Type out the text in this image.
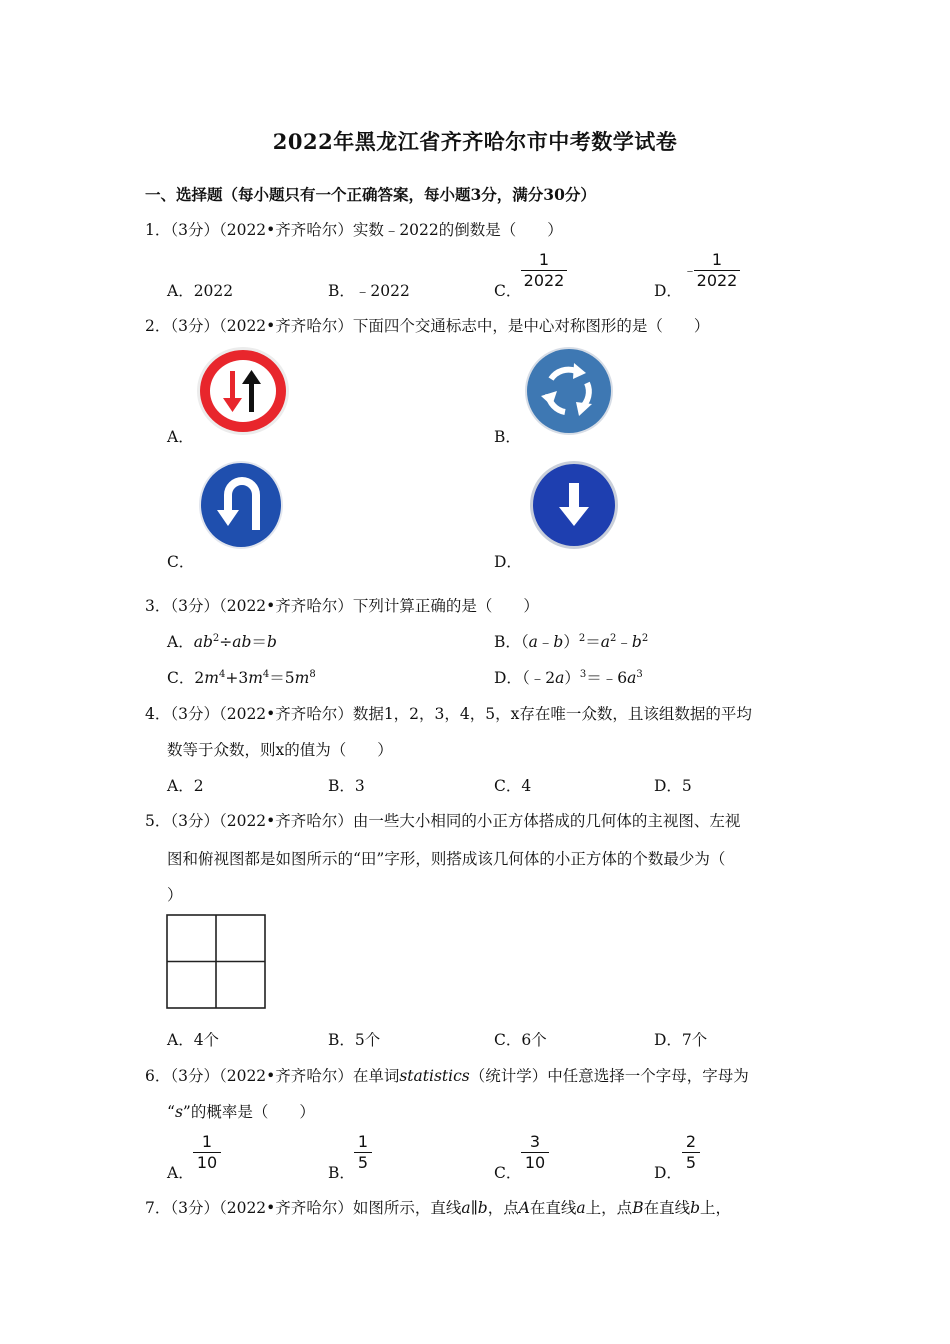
2022年黑龙江省齐齐哈尔市中考数学试卷
一、选择题（每小题只有一个正确答案，每小题3分，满分30分）
1．（3分）（2022•齐齐哈尔）实数﹣2022的倒数是（　　）
A．2022	B．﹣2022	C．
1
2022
D．
﹣
1
2022
2．（3分）（2022•齐齐哈尔）下面四个交通标志中，是中心对称图形的是（　　）
A．	B．
C．	D．
3．（3分）（2022•齐齐哈尔）下列计算正确的是（　　）
A．$ab^2\div ab=b$	B．$(a﹣b)^2=a^2﹣b^2$
C．$2m^4+3m^4=5m^8$	D．$(﹣2a)^3=﹣6a^3$
4．（3分）（2022•齐齐哈尔）数据1，2，3，4，5，x存在唯一众数，且该组数据的平均
数等于众数，则x的值为（　　）
A．2	B．3	C．4	D．5
5．（3分）（2022•齐齐哈尔）由一些大小相同的小正方体搭成的几何体的主视图、左视
图和俯视图都是如图所示的“田”字形，则搭成该几何体的小正方体的个数最少为（
）
A．4个	B．5个	C．6个	D．7个
6．（3分）（2022•齐齐哈尔）在单词statistics（统计学）中任意选择一个字母，字母为
“s”的概率是（　　）
A．
1
10
B．
1
5
C．
3
10
D．
2
5
7．（3分）（2022•齐齐哈尔）如图所示，直线a∥b，点A在直线a上，点B在直线b上，
